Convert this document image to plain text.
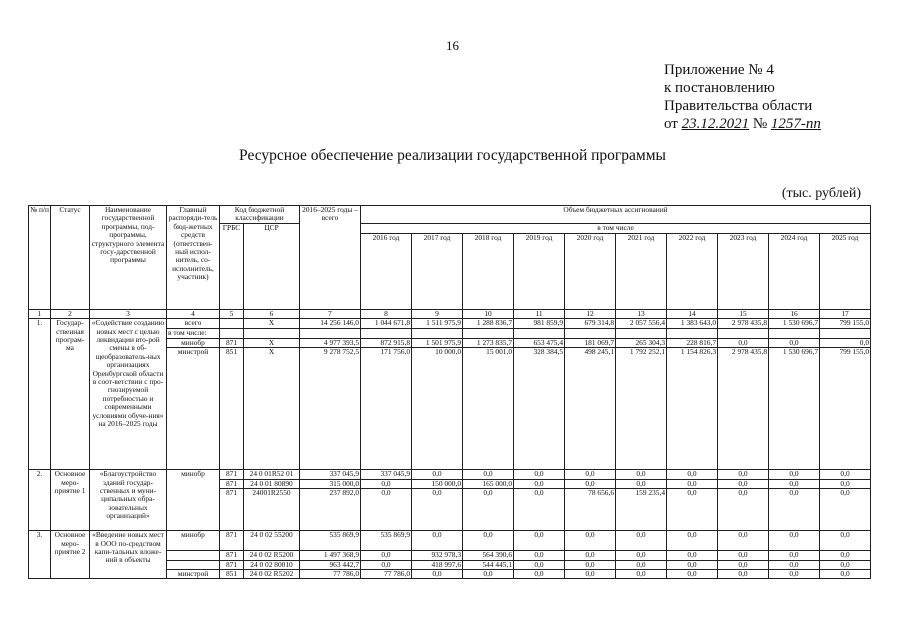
16
Приложение № 4
к постановлению
Правительства области
от 23.12.2021 № 1257-пп
Ресурсное обеспечение реализации государственной программы
(тыс. рублей)
№ п/п	Статус	Наименование государственной программы, под-программы, структурного элемента госу-дарственной программы	Главный распоряди-тель бюд-жетных средств (ответствен-ный испол-нитель, со-исполнитель, участник)	Код бюджетной классификации		2016–2025 годы – всего	Объем бюджетных ассигнований									
				ГРБС	ЦСР		в том числе									
							2016 год	2017 год	2018 год	2019 год	2020 год	2021 год	2022 год	2023 год	2024 год	2025 год
1	2	3	4	5	6	7	8	9	10	11	12	13	14	15	16	17
1.	Государ-ственная програм-ма	«Содействие созданию новых мест с целью ликвидации вто-рой смены в об-щеобразователь-ных организациях Оренбургской области в соот-ветствии с про-гнозируемой потребностью и современными условиями обуче-ния» на 2016–2025 годы	всего		X	14 256 146,0	1 044 671,8	1 511 975,9	1 288 836,7	981 859,9	679 314,8	2 057 556,4	1 383 643,0	2 978 435,8	1 530 696,7	799 155,0
			в том числе:													
			минобр	871	X	4 977 393,5	872 915,8	1 501 975,9	1 273 835,7	653 475,4	181 069,7	265 304,3	228 816,7	0,0	0,0	0,0
			минстрой	851	X	9 278 752,5	171 756,0	10 000,0	15 001,0	328 384,5	498 245,1	1 792 252,1	1 154 826,3	2 978 435,8	1 530 696,7	799 155,0
2.	Основное меро-приятие 1	«Благоустройство зданий государ-ственных и муни-ципальных обра-зовательных организаций»	минобр	871	24 0 01R52 01	337 045,9	337 045,9	0,0	0,0	0,0	0,0	0,0	0,0	0,0	0,0	0,0
				871	24 0 01 80890	315 000,0	0,0	150 000,0	165 000,0	0,0	0,0	0,0	0,0	0,0	0,0	0,0
				871	24001R2550	237 892,0	0,0	0,0	0,0	0,0	78 656,6	159 235,4	0,0	0,0	0,0	0,0
3.	Основное меро-приятие 2	«Введение новых мест в ООО по-средством капи-тальных вложе-ний в объекты	минобр	871	24 0 02 55200	535 869,9	535 869,9	0,0	0,0	0,0	0,0	0,0	0,0	0,0	0,0	0,0
				871	24 0 02 R5200	1 497 368,9	0,0	932 978,3	564 390,6	0,0	0,0	0,0	0,0	0,0	0,0	0,0
				871	24 0 02 80010	963 442,7	0,0	418 997,6	544 445,1	0,0	0,0	0,0	0,0	0,0	0,0	0,0
			минстрой	851	24 0 02 R5202	77 786,0	77 786,0	0,0	0,0	0,0	0,0	0,0	0,0	0,0	0,0	0,0
